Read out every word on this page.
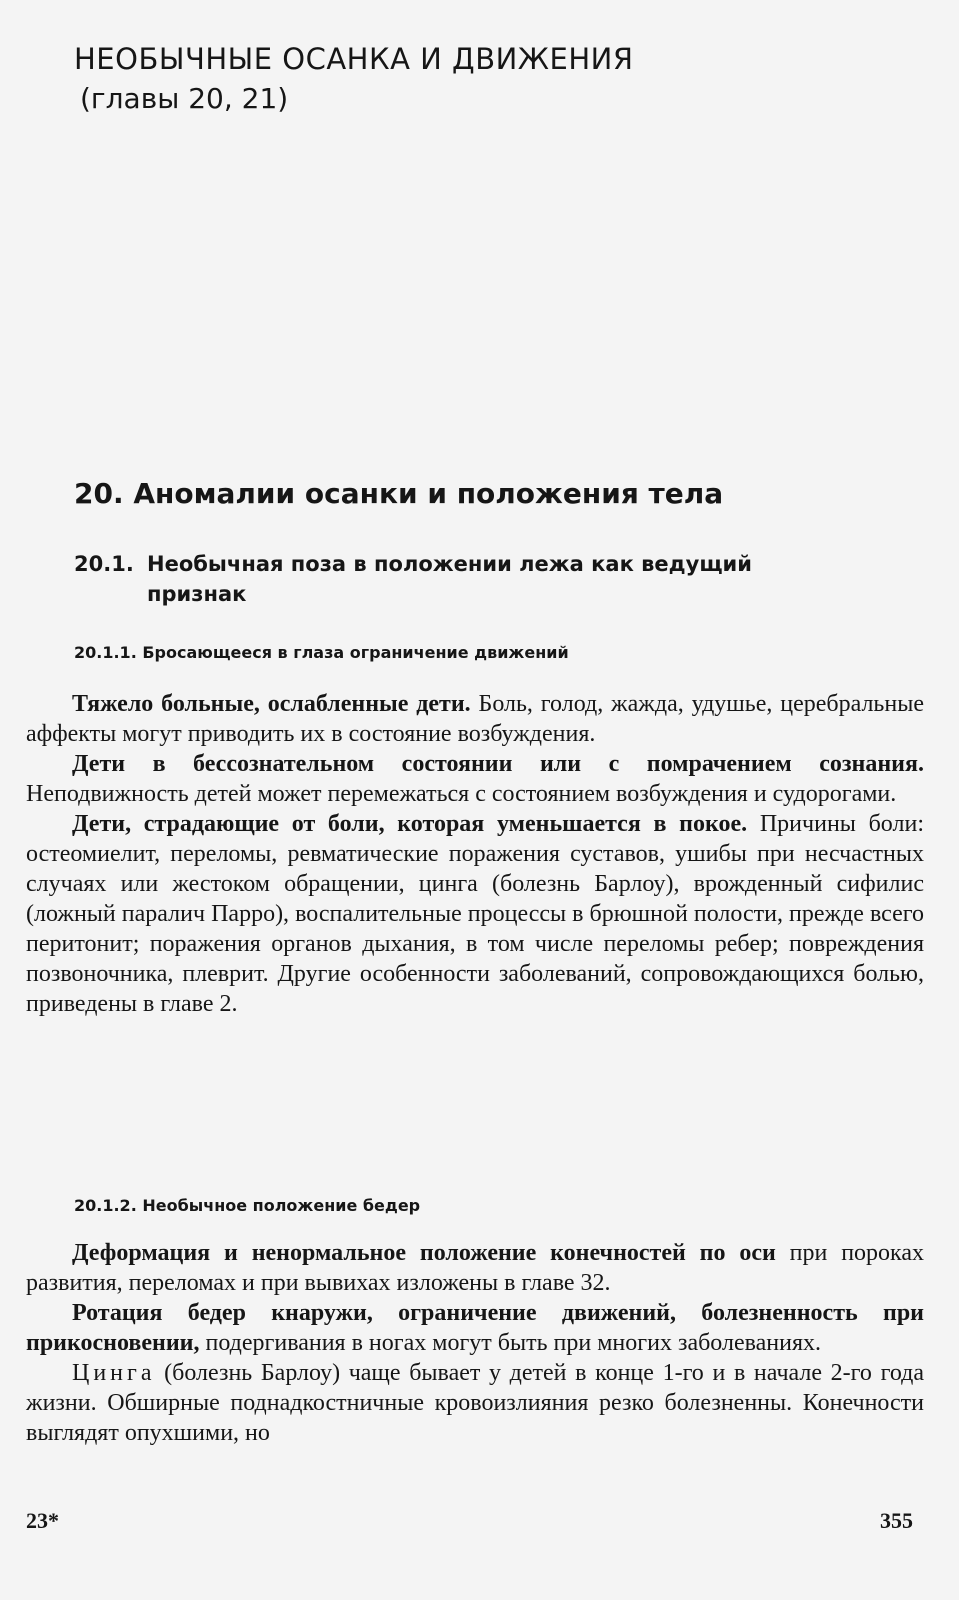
НЕОБЫЧНЫЕ ОСАНКА И ДВИЖЕНИЯ
(главы 20, 21)
20. Аномалии осанки и положения тела
20.1. Необычная поза в положении лежа как ведущий признак
20.1.1. Бросающееся в глаза ограничение движений

Тяжело больные, ослабленные дети. Боль, голод, жажда, удушье, церебральные аффекты могут приводить их в состояние возбуждения.

Дети в бессознательном состоянии или с помрачением сознания. Неподвижность детей может перемежаться с состоянием возбуждения и судорогами.

Дети, страдающие от боли, которая уменьшается в покое. Причины боли: остеомиелит, переломы, ревматические поражения суставов, ушибы при несчастных случаях или жестоком обращении, цинга (болезнь Барлоу), врожденный сифилис (ложный паралич Парро), воспалительные процессы в брюшной полости, прежде всего перитонит; поражения органов дыхания, в том числе переломы ребер; повреждения позвоночника, плеврит. Другие особенности заболеваний, сопровождающихся болью, приведены в главе 2.

20.1.2. Необычное положение бедер

Деформация и ненормальное положение конечностей по оси при пороках развития, переломах и при вывихах изложены в главе 32.

Ротация бедер кнаружи, ограничение движений, болезненность при прикосновении, подергивания в ногах могут быть при многих заболеваниях.

Цинга (болезнь Барлоу) чаще бывает у детей в конце 1-го и в начале 2-го года жизни. Обширные поднадкостничные кровоизлияния резко болезненны. Конечности выглядят опухшими, но

23*	355
